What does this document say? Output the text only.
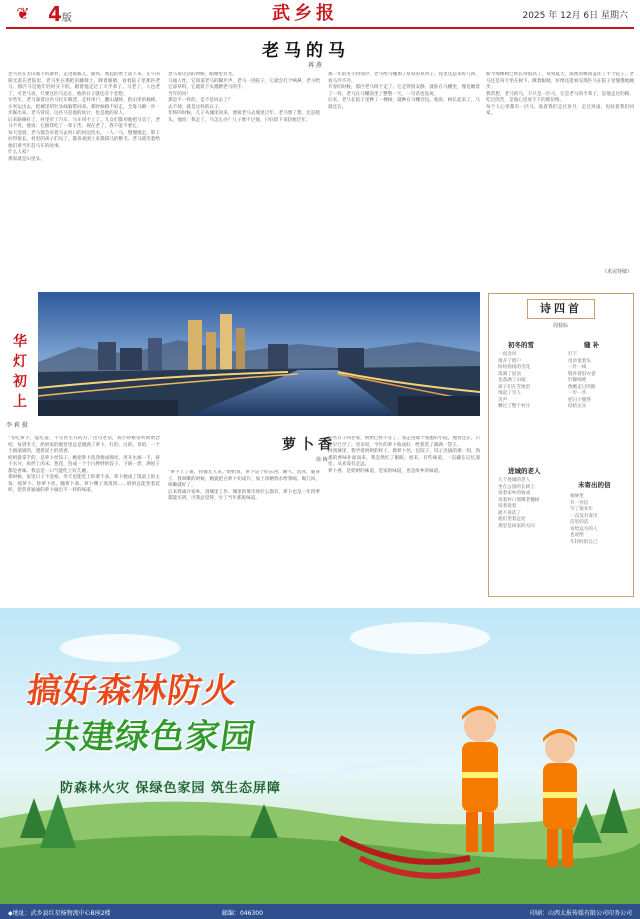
❦ 4版	武乡报	2025 年 12月 6日 星期六
老马的马
苒 燕

老马住在太山旅下的寨村，走进那狐儿，疑风，吹起的黄土落下来，正午的阳光落在老院里，老马坐在那把旧藤椅上，眯着眼睛，看着院子里那匹老马。那匹马是他年轻时买下的，跟着他走过了大半辈子。马老了，人也老了，可老马说，只要这匹马还在，他的日子就还有个念想。

早些年，老马靠着这匹马拉车贩货，走村串户，翻山越岭，把山里的核桃、小米运出去，把城里的针头线脑带回来。那时候路不好走，全靠马蹄一步一步踩出来。老马常说，这匹马是他的伙计，也是他的家人。

后来路修好了，村里有了汽车，马车用不上了。儿女们都劝他把马卖了，老马不肯。他说：它跟我吃了一辈子苦，现在老了，我不能不要它。

每天清晨，老马都会牵着马去村口的河边饮水，一人一马，慢慢地走，影子拉得很长。村里的孩子们见了，都喜欢围上来摸摸马的鬃毛。老马就笑着给他们讲当年赶马车的故事。

什么人家？

那家就是山里头。

老马说这话的时候，眼睛里有光。

马通人性。它知道老马的脚步声，老马一进院子，它就会打个响鼻。老马给它添草料，它就低下头蹭蹭老马的手。

当年的风！

那是不一样的，是不是回去了？

去不掉，就是这样的日子。

年终的时候，儿子从城里回来，要接老马去城里过年。老马想了想，还是摇头。他说：我走了，马怎么办？儿子拗不过他，只好留下来陪他过年。

那一年的冬天特别冷，老马给马棚加了厚厚的草帘子，夜里还起来好几回，看马冷不冷。

开春的时候，那匹老马终于走了。它走得很安静，就卧在马棚里，像是睡着了一样。老马在马棚前坐了整整一天，一句话也没说。

后来，老马在院子里种了一棵树，就种在马棚旁边。他说，树长起来了，马就还在。

如今那棵树已经长得很高了，每到夏天，浓密的树荫盖住了半个院子。老马还是每天坐在树下，眯着眼睛，好像还能看见那匹马在院子里慢慢地踱步。

我常想，老马的马，不只是一匹马，它是老马的半辈子，是他走过的路，吃过的苦，是他心里放不下的那份情。

每个人心里都有一匹马，驮着我们走过岁月，走过风雨，也驮着我们回家。

（未完待续）
华灯初上
李 莉 摄
诗四首
周枝标
初冬的雪
一夜北风
推开了窗户
纷纷扬扬的雪花
落满了屋顶
也落满了山坡
孩子们在雪地里
堆起了雪人
笑声
飘过了整个村庄
缝 补
灯下
母亲低着头
一针一线
缝补着旧衣裳
针脚细密
像她走过的路
一步一步
把日子缝得
结结实实
进城的老人
几个进城的老人
坐在公园的长椅上
说着家乡的收成
说着村口那棵老槐树
说着说着
就不说话了
他们望着远处
那里是回家的方向
未寄出的信
抽屉里
有一封信
写了很多年
一直没有寄出
信里的话
说给远方的人
也说给
年轻时的自己
萝卜香
徐 梅

“冬吃萝卜，夏吃姜，不劳医生开药方。”这句老话，我小时候常听奶奶念叨。每到冬天，奶奶家的地窖里总是储满了萝卜，红的、白的、青的，一个个圆滚滚的，透着泥土的清香。

奶奶最拿手的，是萝卜丝饺子。她把萝卜洗净擦成细丝，用开水焯一下，挤干水分，再拌上肉末、葱花，包成一个个白胖胖的饺子。下锅一煮，满屋子都是香味。我总是一口气能吃上好几碗。

那时候，家里日子不宽裕，冬天里能吃上的菜不多。萝卜便成了饭桌上的主角：炖萝卜、炒萝卜丝、腌萝卜条、萝卜缨子蒸窝窝……奶奶总能变着花样，把普普通通的萝卜做出不一样的味道。

“萝卜上了街，药铺无人来。”奶奶说，萝卜是个好东西，顺气、消食、暖身子。我咳嗽的时候，她就把白萝卜切成片，加上冰糖熬水给我喝，喝几回，咳嗽就好了。

后来我离开家乡，到城里工作。城里的菜市场什么都有，萝卜也是一年四季都能买到，可我总觉得，少了当年那股味道。

前些日子回老家，奶奶已经不在了。我走进那个熟悉的小院，地窖还在，只是早已空了。母亲说，今年的萝卜收成好，给我装了满满一袋子。

回到城里，我学着奶奶的样子，擦萝卜丝，包饺子。饺子出锅的那一刻，熟悉的香味扑面而来，我忽然红了眼眶。原来，有些味道，一直藏在记忆深处，从来没有走远。

萝卜香，是奶奶的味道，是家的味道，也是故乡的味道。

搞好森林防火
共建绿色家园
防森林火灾 保绿色家园 筑生态屏障
◆地址：武乡县红星杨物流中心B座2楼	邮编：046300	印刷：山西太报传媒有限公司印务公司
